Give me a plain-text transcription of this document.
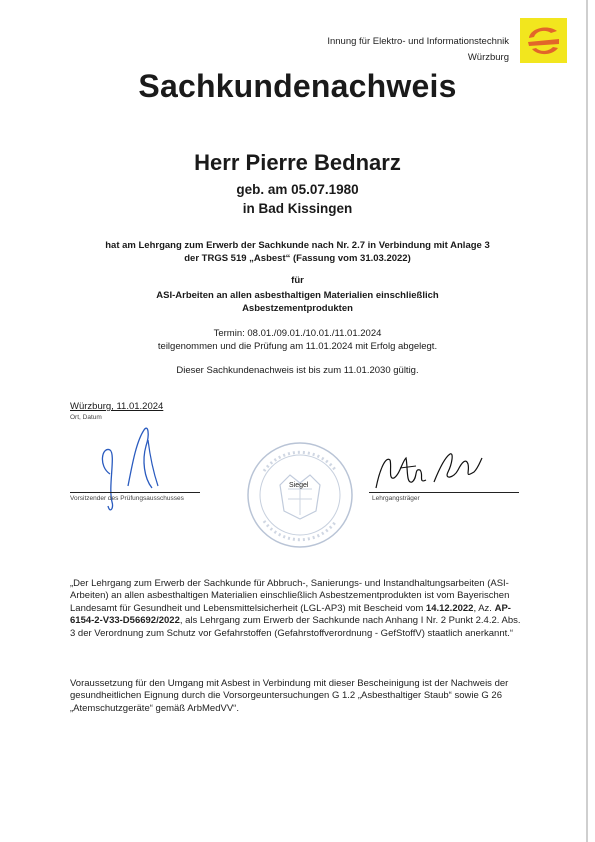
Innung für Elektro- und Informationstechnik
Würzburg
Sachkundenachweis
Herr Pierre Bednarz
geb. am 05.07.1980
in Bad Kissingen
hat am Lehrgang zum Erwerb der Sachkunde nach Nr. 2.7 in Verbindung mit Anlage 3
der TRGS 519 „Asbest“ (Fassung vom 31.03.2022)
für
ASI-Arbeiten an allen asbesthaltigen Materialien einschließlich
Asbestzementprodukten
Termin: 08.01./09.01./10.01./11.01.2024
teilgenommen und die Prüfung am 11.01.2024 mit Erfolg abgelegt.
Dieser Sachkundenachweis ist bis zum 11.01.2030 gültig.
Würzburg, 11.01.2024
Ort, Datum
Siegel
Vorsitzender des Prüfungsausschusses	Lehrgangsträger
„Der Lehrgang zum Erwerb der Sachkunde für Abbruch-, Sanierungs- und Instandhaltungsarbeiten (ASI-Arbeiten) an allen asbesthaltigen Materialien einschließlich Asbestzementprodukten ist vom Bayerischen Landesamt für Gesundheit und Lebensmittelsicherheit (LGL-AP3) mit Bescheid vom 14.12.2022, Az. AP-6154-2-V33-D56692/2022, als Lehrgang zum Erwerb der Sachkunde nach Anhang I Nr. 2 Punkt 2.4.2. Abs. 3 der Verordnung zum Schutz vor Gefahrstoffen (Gefahrstoffverordnung - GefStoffV) staatlich anerkannt.“
Voraussetzung für den Umgang mit Asbest in Verbindung mit dieser Bescheinigung ist der Nachweis der gesundheitlichen Eignung durch die Vorsorgeuntersuchungen G 1.2 „Asbesthaltiger Staub“ sowie G 26 „Atemschutzgeräte“ gemäß ArbMedVV“.
